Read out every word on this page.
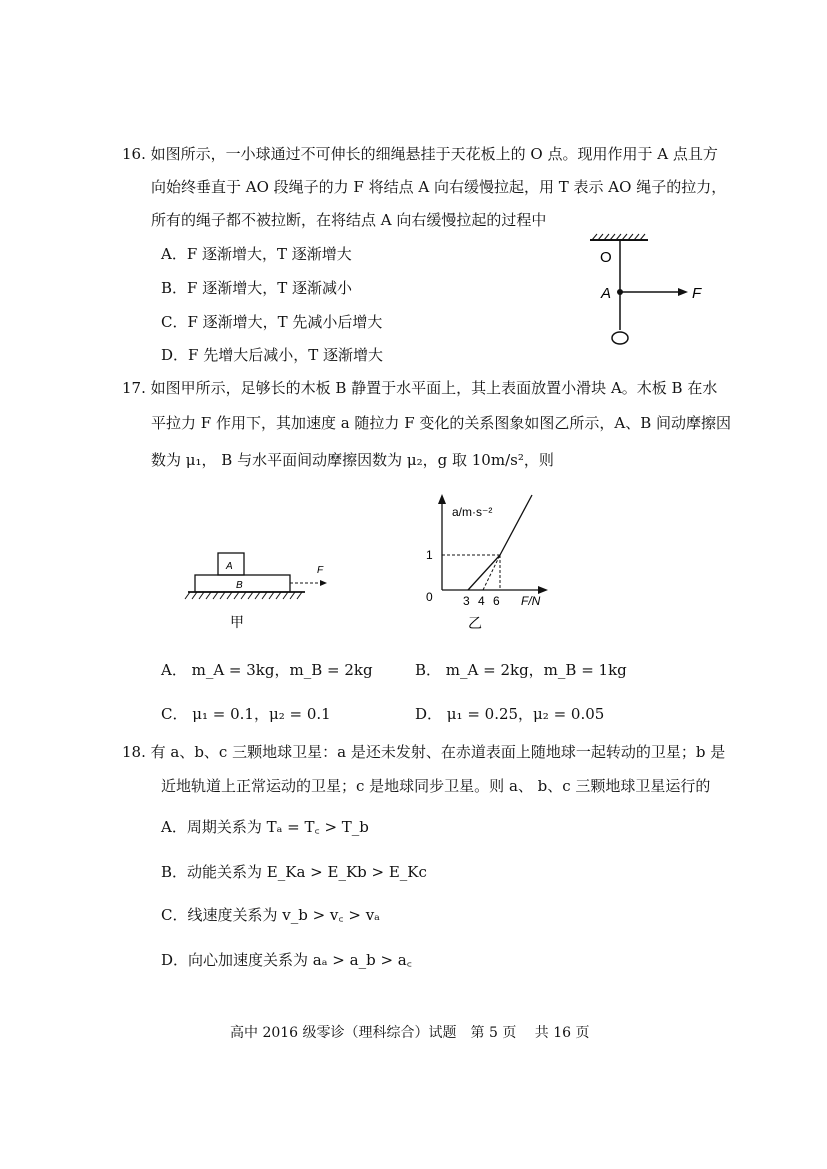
16. 如图所示，一小球通过不可伸长的细绳悬挂于天花板上的 O 点。现用作用于 A 点且方
向始终垂直于 AO 段绳子的力 F 将结点 A 向右缓慢拉起，用 T 表示 AO 绳子的拉力，
所有的绳子都不被拉断，在将结点 A 向右缓慢拉起的过程中
A．F 逐渐增大，T 逐渐增大
B．F 逐渐增大，T 逐渐减小
C．F 逐渐增大，T 先减小后增大
D．F 先增大后减小，T 逐渐增大
O
A	F
17. 如图甲所示，足够长的木板 B 静置于水平面上，其上表面放置小滑块 A。木板 B 在水
平拉力 F 作用下，其加速度 a 随拉力 F 变化的关系图象如图乙所示，A、B 间动摩擦因
数为 μ₁， B 与水平面间动摩擦因数为 μ₂，g 取 10m/s²，则
A
B
F
甲
a/m·s⁻²
F/N
1
0	3 4 6
乙
A． m_A = 3kg，m_B = 2kg	B． m_A = 2kg，m_B = 1kg
C． μ₁ = 0.1，μ₂ = 0.1	D． μ₁ = 0.25，μ₂ = 0.05
18. 有 a、b、c 三颗地球卫星：a 是还未发射、在赤道表面上随地球一起转动的卫星；b 是
近地轨道上正常运动的卫星；c 是地球同步卫星。则 a、 b、c 三颗地球卫星运行的
A．周期关系为 Tₐ = T꜀ > T_b
B．动能关系为 E_Ka > E_Kb > E_Kc
C．线速度关系为 v_b > v꜀ > vₐ
D．向心加速度关系为 aₐ > a_b > a꜀
高中 2016 级零诊（理科综合）试题　第 5 页　 共 16 页
